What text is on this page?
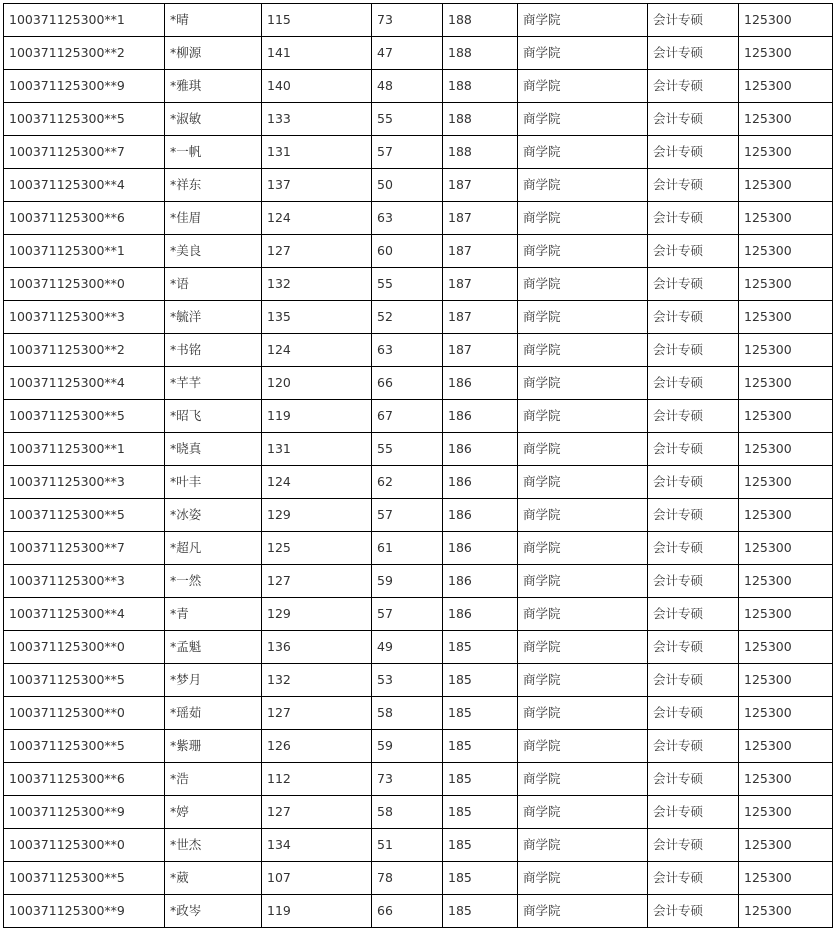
100371125300**1	*晴	115	73	188	商学院	会计专硕	125300
100371125300**2	*柳源	141	47	188	商学院	会计专硕	125300
100371125300**9	*雅琪	140	48	188	商学院	会计专硕	125300
100371125300**5	*淑敏	133	55	188	商学院	会计专硕	125300
100371125300**7	*一帆	131	57	188	商学院	会计专硕	125300
100371125300**4	*祥东	137	50	187	商学院	会计专硕	125300
100371125300**6	*佳眉	124	63	187	商学院	会计专硕	125300
100371125300**1	*美良	127	60	187	商学院	会计专硕	125300
100371125300**0	*语	132	55	187	商学院	会计专硕	125300
100371125300**3	*毓洋	135	52	187	商学院	会计专硕	125300
100371125300**2	*书铭	124	63	187	商学院	会计专硕	125300
100371125300**4	*芊芊	120	66	186	商学院	会计专硕	125300
100371125300**5	*昭飞	119	67	186	商学院	会计专硕	125300
100371125300**1	*晓真	131	55	186	商学院	会计专硕	125300
100371125300**3	*叶丰	124	62	186	商学院	会计专硕	125300
100371125300**5	*冰姿	129	57	186	商学院	会计专硕	125300
100371125300**7	*超凡	125	61	186	商学院	会计专硕	125300
100371125300**3	*一然	127	59	186	商学院	会计专硕	125300
100371125300**4	*青	129	57	186	商学院	会计专硕	125300
100371125300**0	*孟魁	136	49	185	商学院	会计专硕	125300
100371125300**5	*梦月	132	53	185	商学院	会计专硕	125300
100371125300**0	*瑶茹	127	58	185	商学院	会计专硕	125300
100371125300**5	*紫珊	126	59	185	商学院	会计专硕	125300
100371125300**6	*浩	112	73	185	商学院	会计专硕	125300
100371125300**9	*婷	127	58	185	商学院	会计专硕	125300
100371125300**0	*世杰	134	51	185	商学院	会计专硕	125300
100371125300**5	*葳	107	78	185	商学院	会计专硕	125300
100371125300**9	*政岑	119	66	185	商学院	会计专硕	125300
